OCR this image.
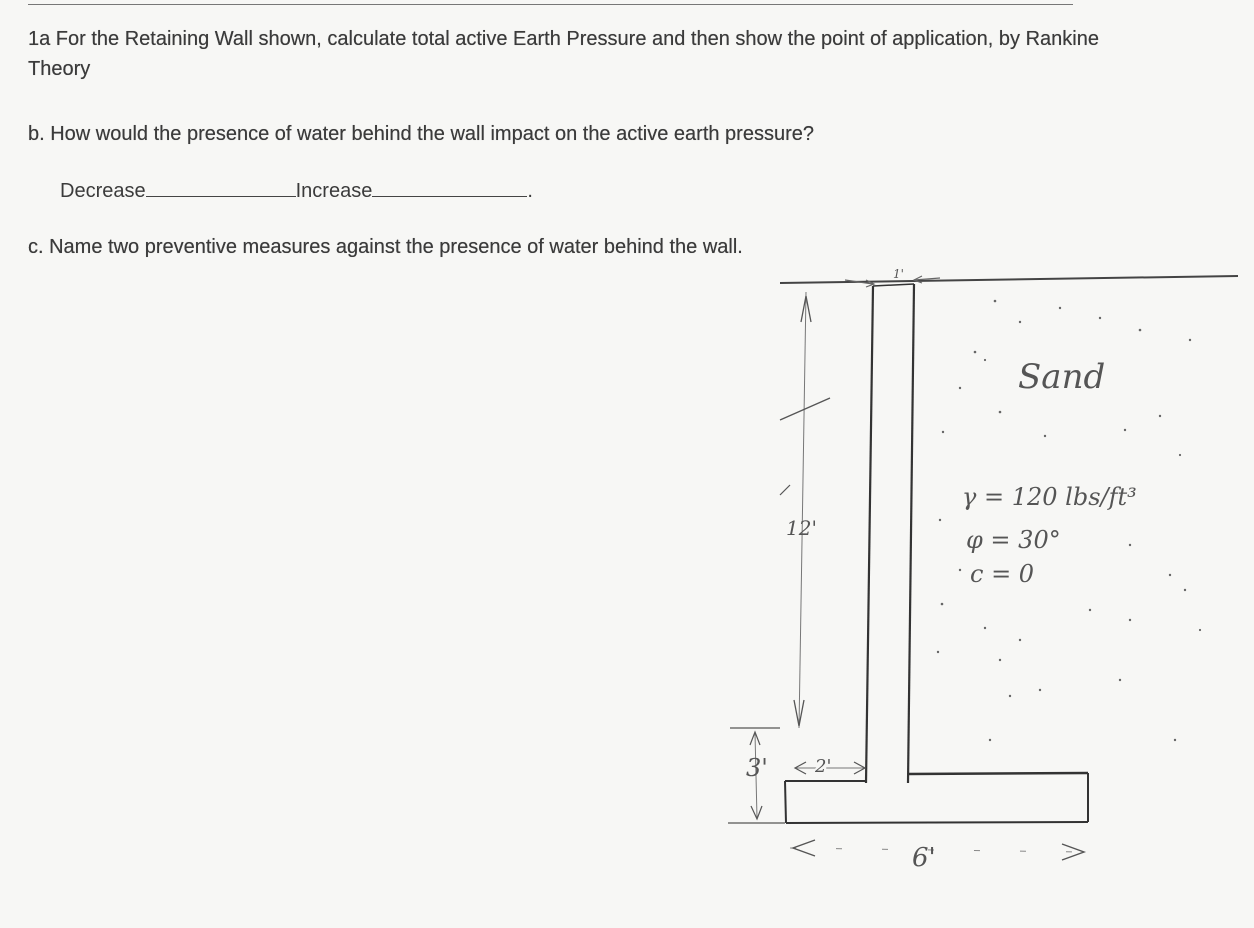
1a For the Retaining Wall shown, calculate total active Earth Pressure and then show the point of application, by Rankine Theory
b. How would the presence of water behind the wall impact on the active earth pressure?
Decrease	Increase	.
c. Name two preventive measures against the presence of water behind the wall.
1'
12'
3'	2'
6'
Sand
γ = 120 lbs/ft³
φ = 30°
c = 0
